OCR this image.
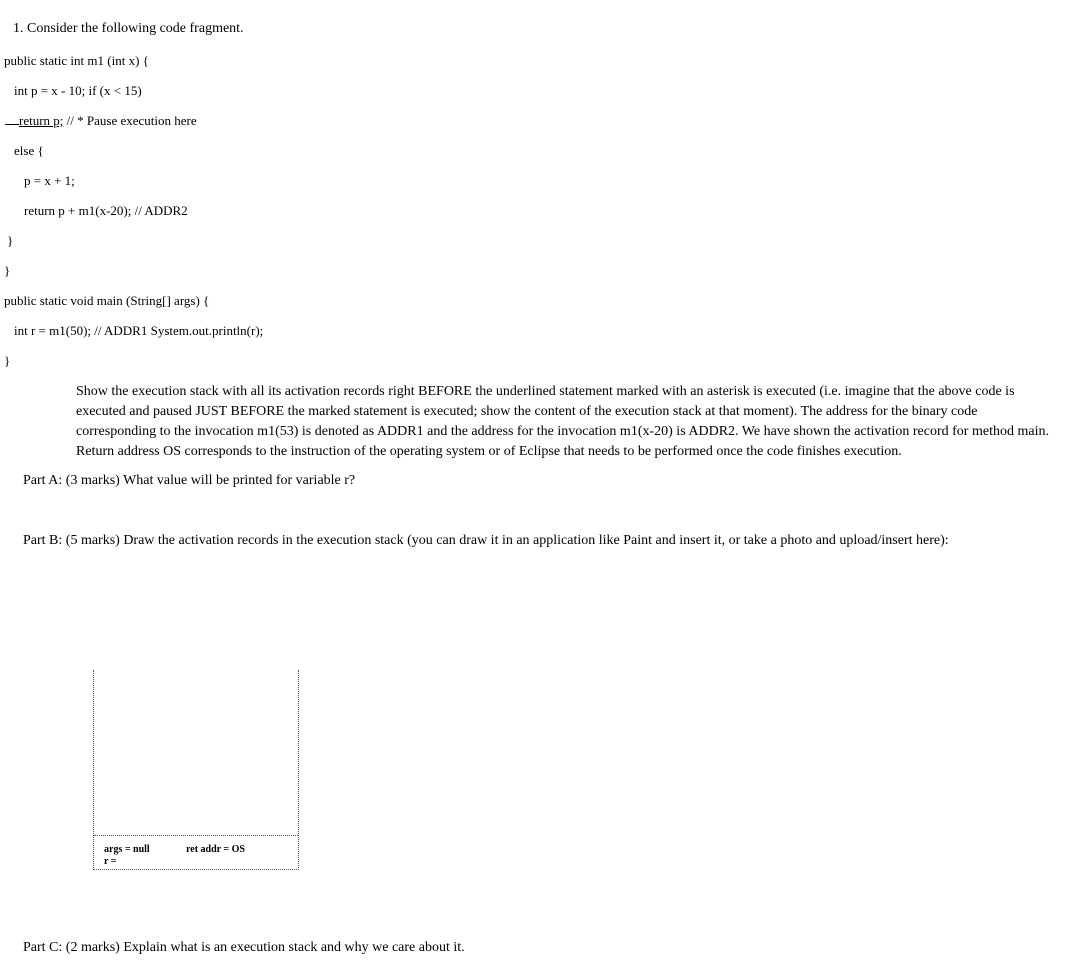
1. Consider the following code fragment.
public static int m1 (int x) {
int p = x - 10; if (x < 15)
return p; // * Pause execution here
else {
p = x + 1;
return p + m1(x-20); // ADDR2
}
}
public static void main (String[] args) {
int r = m1(50); // ADDR1 System.out.println(r);
}
Show the execution stack with all its activation records right BEFORE the underlined statement marked with an asterisk is executed (i.e. imagine that the above code is executed and paused JUST BEFORE the marked statement is executed; show the content of the execution stack at that moment). The address for the binary code corresponding to the invocation m1(53) is denoted as ADDR1 and the address for the invocation m1(x-20) is ADDR2. We have shown the activation record for method main. Return address OS corresponds to the instruction of the operating system or of Eclipse that needs to be performed once the code finishes execution.
Part A: (3 marks) What value will be printed for variable r?
Part B: (5 marks) Draw the activation records in the execution stack (you can draw it in an application like Paint and insert it, or take a photo and upload/insert here):
args = null	ret addr = OS
r =
Part C: (2 marks) Explain what is an execution stack and why we care about it.
